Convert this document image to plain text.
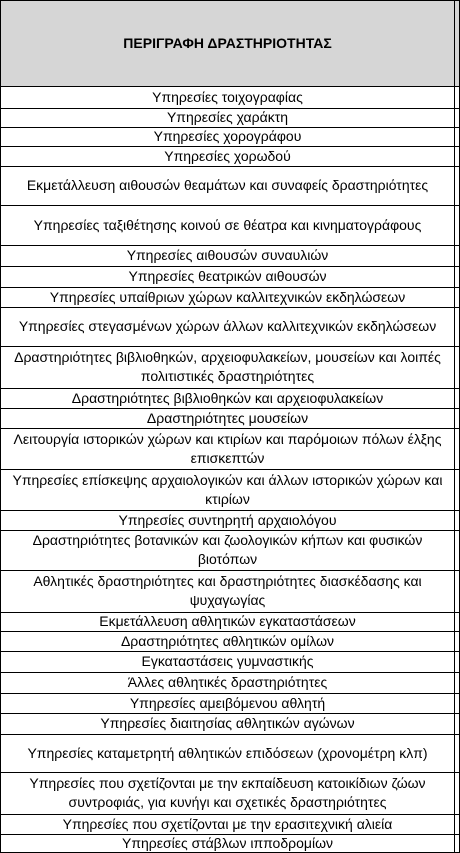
ΠΕΡΙΓΡΑΦΗ ΔΡΑΣΤΗΡΙΟΤΗΤΑΣ
Υπηρεσίες τοιχογραφίας
Υπηρεσίες χαράκτη
Υπηρεσίες χορογράφου
Υπηρεσίες χορωδού
Εκμετάλλευση αιθουσών θεαμάτων και συναφείς δραστηριότητες
Υπηρεσίες ταξιθέτησης κοινού σε θέατρα και κινηματογράφους
Υπηρεσίες αιθουσών συναυλιών
Υπηρεσίες θεατρικών αιθουσών
Υπηρεσίες υπαίθριων χώρων καλλιτεχνικών εκδηλώσεων
Υπηρεσίες στεγασμένων χώρων άλλων καλλιτεχνικών εκδηλώσεων
Δραστηριότητες βιβλιοθηκών, αρχειοφυλακείων, μουσείων και λοιπές πολιτιστικές δραστηριότητες
Δραστηριότητες βιβλιοθηκών και αρχειοφυλακείων
Δραστηριότητες μουσείων
Λειτουργία ιστορικών χώρων και κτιρίων και παρόμοιων πόλων έλξης επισκεπτών
Υπηρεσίες επίσκεψης αρχαιολογικών και άλλων ιστορικών χώρων και κτιρίων
Υπηρεσίες συντηρητή αρχαιολόγου
Δραστηριότητες βοτανικών και ζωολογικών κήπων και φυσικών βιοτόπων
Αθλητικές δραστηριότητες και δραστηριότητες διασκέδασης και ψυχαγωγίας
Εκμετάλλευση αθλητικών εγκαταστάσεων
Δραστηριότητες αθλητικών ομίλων
Εγκαταστάσεις γυμναστικής
Άλλες αθλητικές δραστηριότητες
Υπηρεσίες αμειβόμενου αθλητή
Υπηρεσίες διαιτησίας αθλητικών αγώνων
Υπηρεσίες καταμετρητή αθλητικών επιδόσεων (χρονομέτρη κλπ)
Υπηρεσίες που σχετίζονται με την εκπαίδευση κατοικίδιων ζώων συντροφιάς, για κυνήγι και σχετικές δραστηριότητες
Υπηρεσίες που σχετίζονται με την ερασιτεχνική αλιεία
Υπηρεσίες στάβλων ιπποδρομίων
